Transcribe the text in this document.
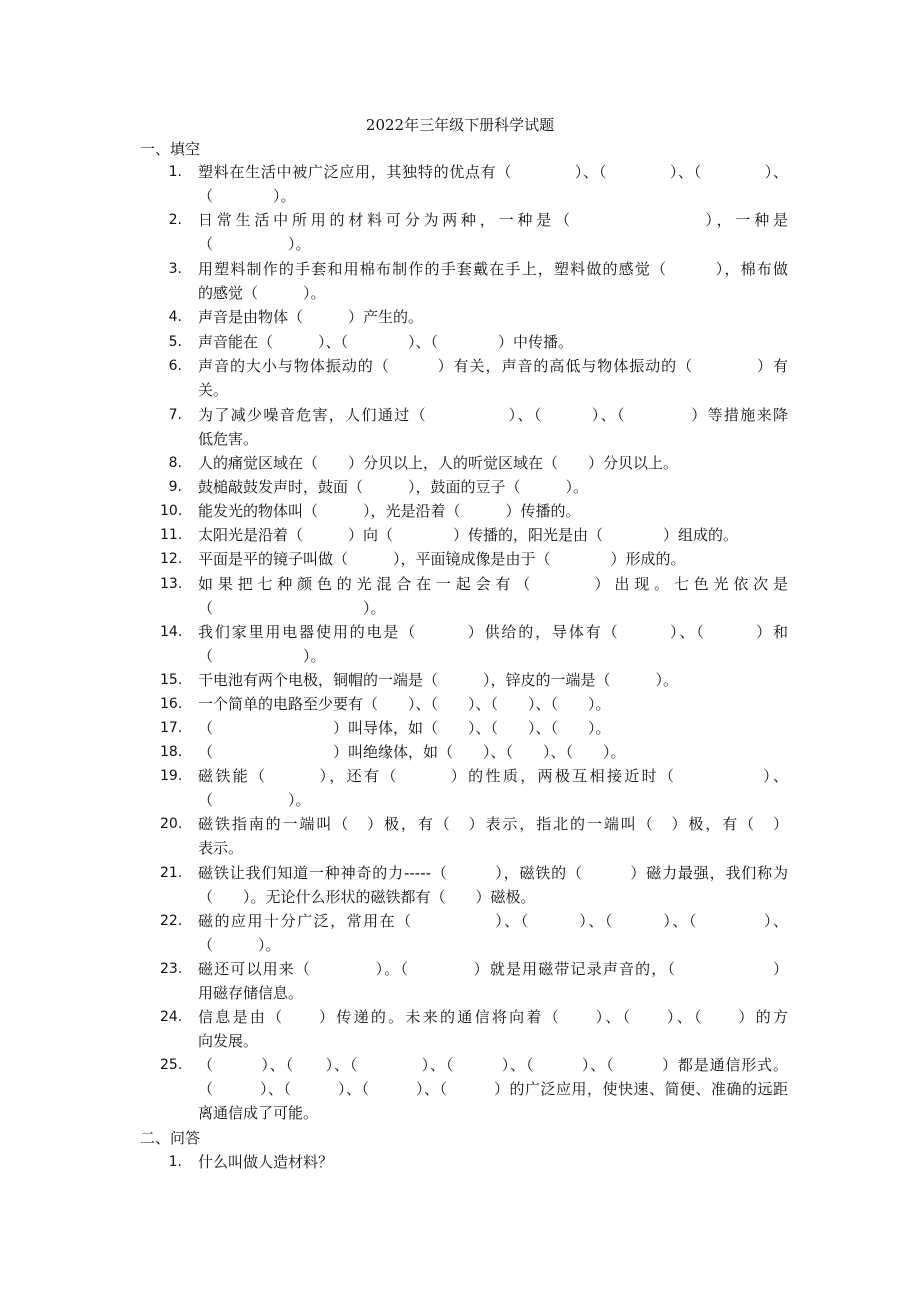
2022年三年级下册科学试题
一、填空
1. 塑料在生活中被广泛应用，其独特的优点有（　　　　）、（　　　　）、（　　　　）、
（　　　　）。
2. 日常生活中所用的材料可分为两种，一种是（　　　　　　　），一种是
（　　　　　）。
3. 用塑料制作的手套和用棉布制作的手套戴在手上，塑料做的感觉（　　　），棉布做
的感觉（　　　）。
4. 声音是由物体（　　　）产生的。
5. 声音能在（　　　）、（　　　　）、（　　　　）中传播。
6. 声音的大小与物体振动的（　　　）有关，声音的高低与物体振动的（　　　　）有
关。
7. 为了减少噪音危害，人们通过（　　　　　）、（　　　）、（　　　　）等措施来降
低危害。
8. 人的痛觉区域在（　　）分贝以上，人的听觉区域在（　　）分贝以上。
9. 鼓槌敲鼓发声时，鼓面（　　　），鼓面的豆子（　　　）。
10. 能发光的物体叫（　　　），光是沿着（　　　）传播的。
11. 太阳光是沿着（　　　）向（　　　　）传播的，阳光是由（　　　　）组成的。
12. 平面是平的镜子叫做（　　　），平面镜成像是由于（　　　　）形成的。
13. 如果把七种颜色的光混合在一起会有（　　　）出现。七色光依次是
（　　　　　　　　　　）。
14. 我们家里用电器使用的电是（　　　）供给的，导体有（　　　）、（　　　）和
（　　　　　　）。
15. 干电池有两个电极，铜帽的一端是（　　　），锌皮的一端是（　　　）。
16. 一个简单的电路至少要有（　　）、（　　）、（　　）、（　　）。
17. （　　　　　　　　）叫导体，如（　　）、（　　）、（　　）。
18. （　　　　　　　　）叫绝缘体，如（　　）、（　　）、（　　）。
19. 磁铁能（　　　），还有（　　　）的性质，两极互相接近时（　　　　　）、
（　　　　　）。
20. 磁铁指南的一端叫（　）极，有（　）表示，指北的一端叫（　）极，有（　）
表示。
21. 磁铁让我们知道一种神奇的力-----（　　　），磁铁的（　　　）磁力最强，我们称为
（　　）。无论什么形状的磁铁都有（　　）磁极。
22. 磁的应用十分广泛，常用在（　　　　　）、（　　　）、（　　　）、（　　　　）、
（　　　）。
23. 磁还可以用来（　　　　）。（　　　　）就是用磁带记录声音的，（　　　　　　）
用磁存储信息。
24. 信息是由（　　）传递的。未来的通信将向着（　　）、（　　）、（　　）的方
向发展。
25. （　　　）、（　　）、（　　　　）、（　　　）、（　　　）、（　　　）都是通信形式。
（　　　）、（　　　）、（　　　）、（　　　）的广泛应用，使快速、简便、准确的远距
离通信成了可能。
二、问答
1. 什么叫做人造材料？
